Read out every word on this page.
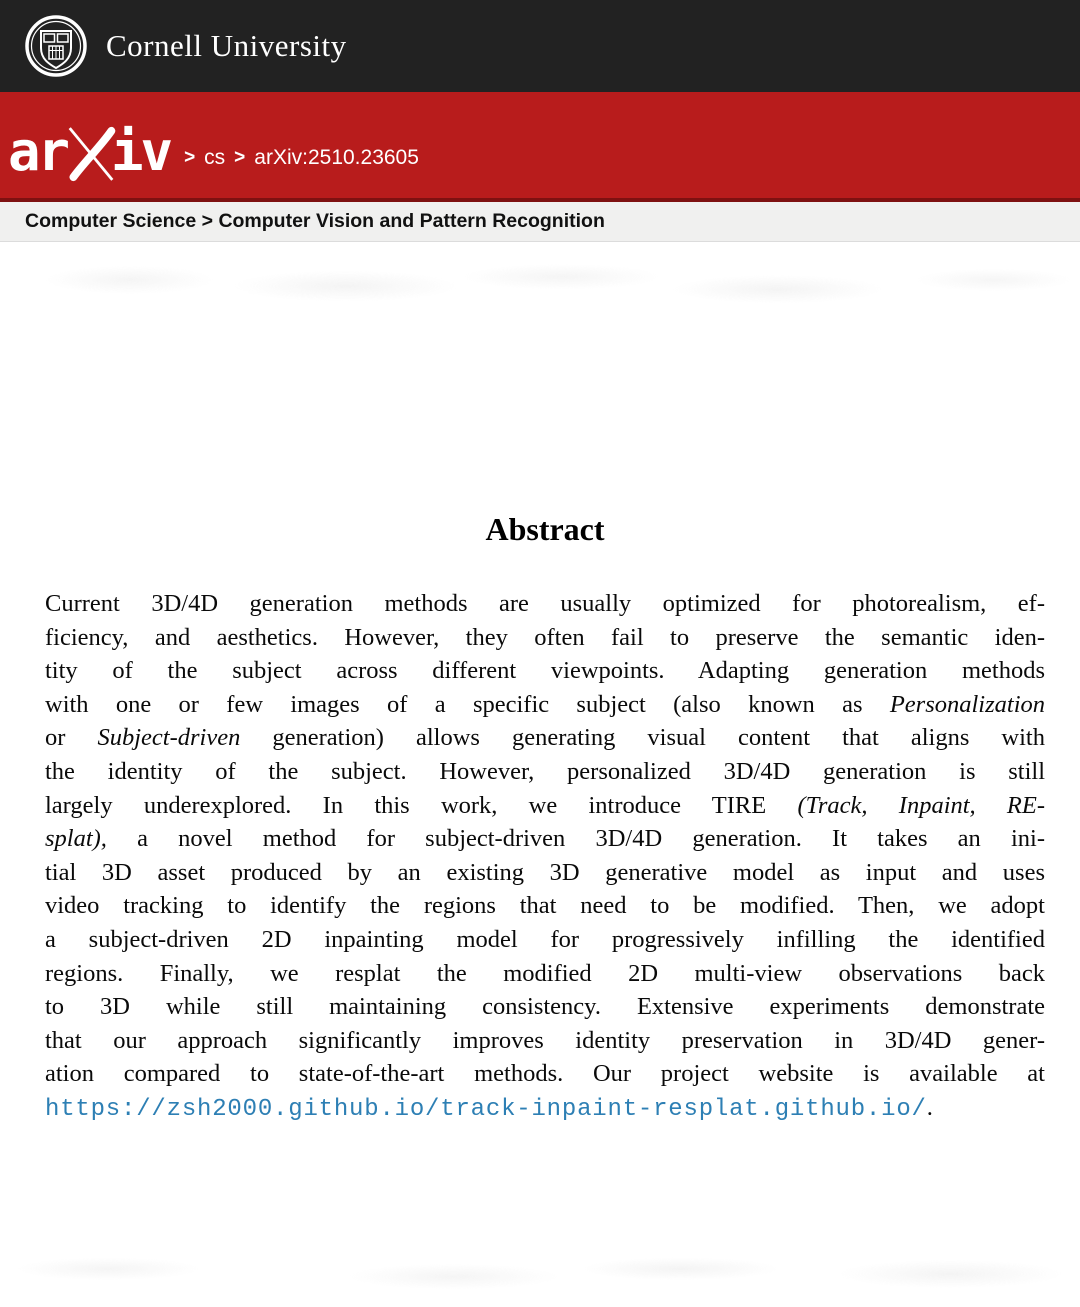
Cornell University
ar iv > cs > arXiv:2510.23605
Computer Science > Computer Vision and Pattern Recognition
Abstract
Current 3D/4D generation methods are usually optimized for photorealism, ef-
ficiency, and aesthetics. However, they often fail to preserve the semantic iden-
tity of the subject across different viewpoints. Adapting generation methods
with one or few images of a specific subject (also known as Personalization
or Subject-driven generation) allows generating visual content that aligns with
the identity of the subject. However, personalized 3D/4D generation is still
largely underexplored. In this work, we introduce TIRE (Track, Inpaint, RE-
splat), a novel method for subject-driven 3D/4D generation. It takes an ini-
tial 3D asset produced by an existing 3D generative model as input and uses
video tracking to identify the regions that need to be modified. Then, we adopt
a subject-driven 2D inpainting model for progressively infilling the identified
regions. Finally, we resplat the modified 2D multi-view observations back
to 3D while still maintaining consistency. Extensive experiments demonstrate
that our approach significantly improves identity preservation in 3D/4D gener-
ation compared to state-of-the-art methods. Our project website is available at
https://zsh2000.github.io/track-inpaint-resplat.github.io/.
